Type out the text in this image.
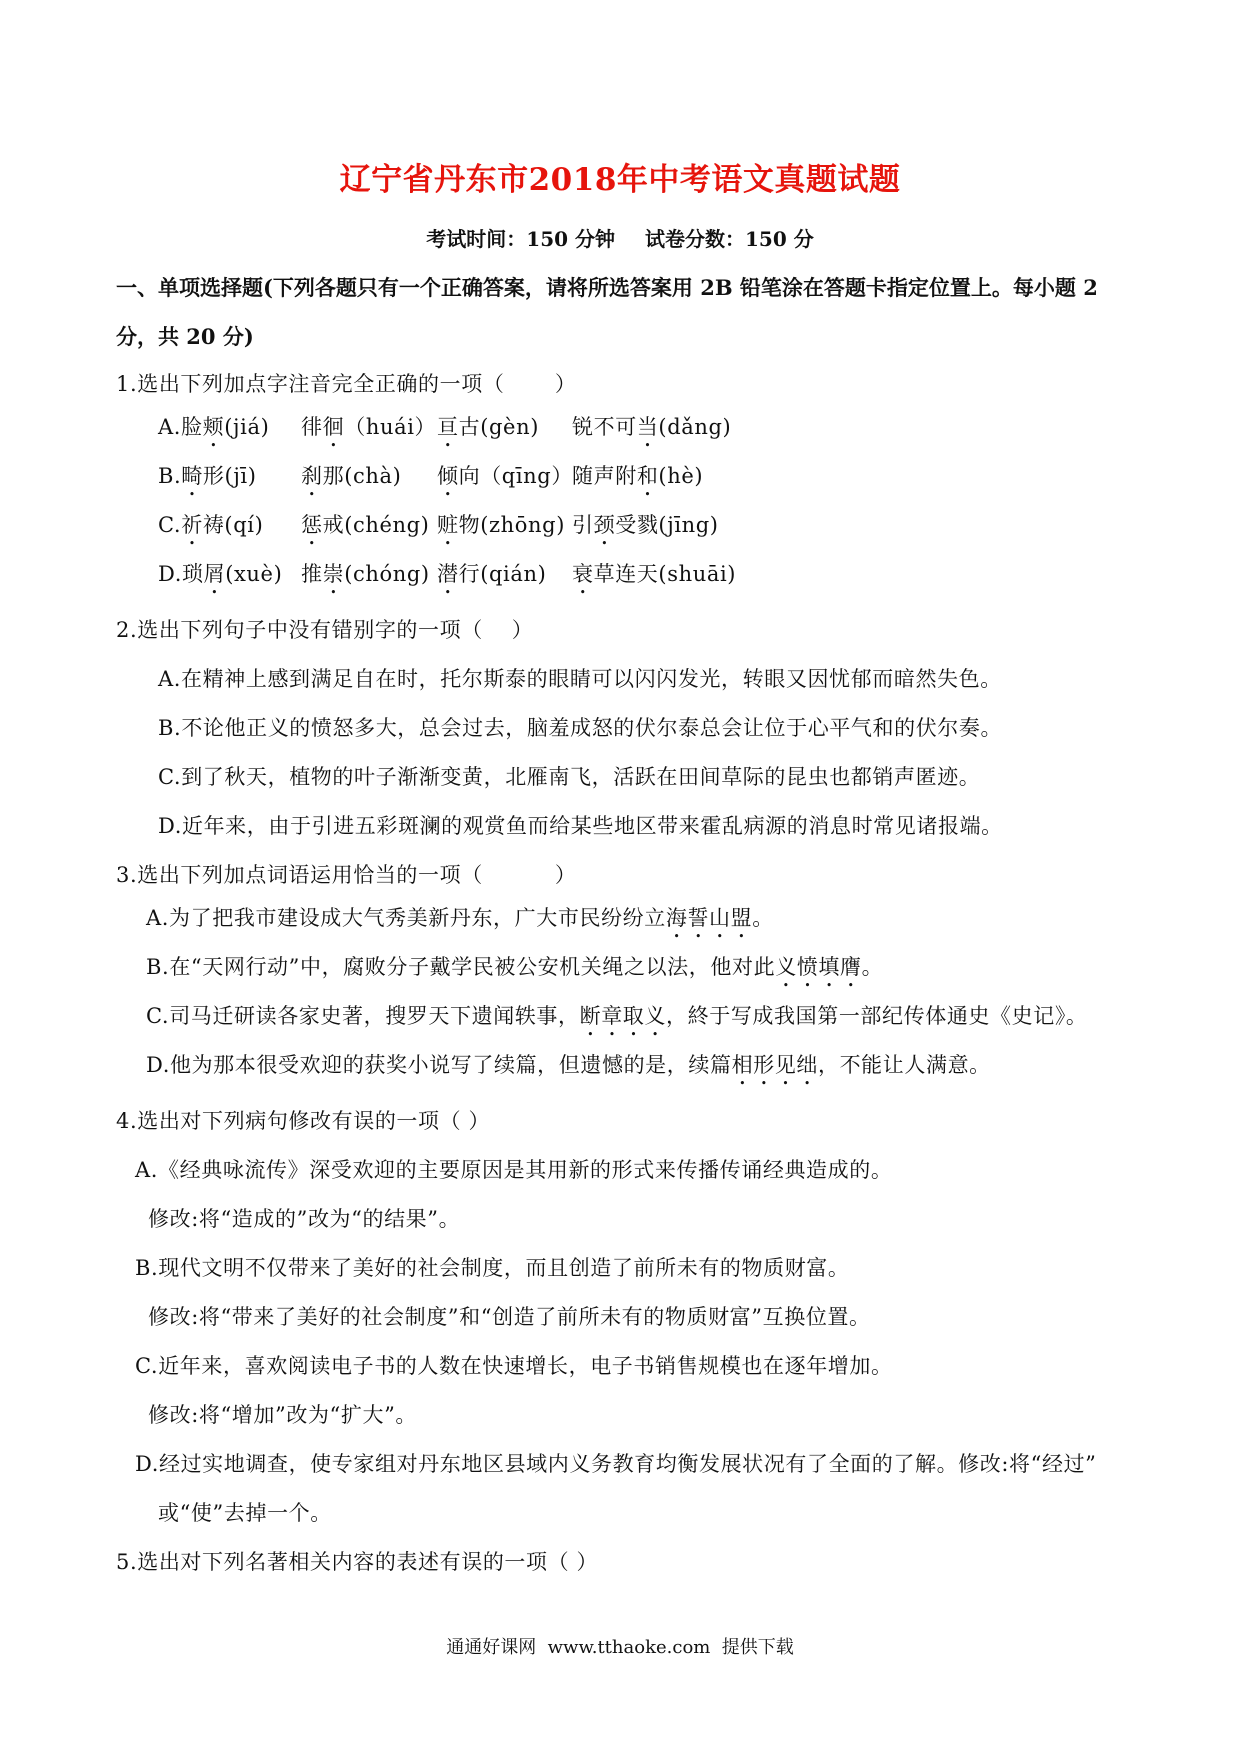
辽宁省丹东市2018年中考语文真题试题
考试时间：150 分钟 试卷分数：150 分
一、单项选择题(下列各题只有一个正确答案，请将所选答案用 2B 铅笔涂在答题卡指定位置上。每小题 2
分，共 20 分)
1.选出下列加点字注音完全正确的一项（　　 ）
A.脸颊(jiá) 徘徊（huái）亘古(gèn) 锐不可当(dǎng)
B.畸形(jī) 刹那(chà) 倾向（qīng）随声附和(hè)
C.祈祷(qí) 惩戒(chéng) 赃物(zhōng) 引颈受戮(jīng)
D.琐屑(xuè) 推崇(chóng) 潜行(qián) 衰草连天(shuāi)
2.选出下列句子中没有错别字的一项（　 ）
A.在精神上感到满足自在时，托尔斯泰的眼睛可以闪闪发光，转眼又因忧郁而暗然失色。
B.不论他正义的愤怒多大，总会过去，脑羞成怒的伏尔泰总会让位于心平气和的伏尔奏。
C.到了秋天，植物的叶子渐渐变黄，北雁南飞，活跃在田间草际的昆虫也都销声匿迹。
D.近年来，由于引进五彩斑澜的观赏鱼而给某些地区带来霍乱病源的消息时常见诸报端。
3.选出下列加点词语运用恰当的一项（　　　 ）
A.为了把我市建设成大气秀美新丹东，广大市民纷纷立海誓山盟。
B.在“天网行动”中，腐败分子戴学民被公安机关绳之以法，他对此义愤填膺。
C.司马迁研读各家史著，搜罗天下遗闻轶事，断章取义，終于写成我国第一部纪传体通史《史记》。
D.他为那本很受欢迎的获奖小说写了续篇，但遗憾的是，续篇相形见绌，不能让人满意。
4.选出对下列病句修改有误的一项（ ）
A.《经典咏流传》深受欢迎的主要原因是其用新的形式来传播传诵经典造成的。
修改:将“造成的”改为“的结果”。
B.现代文明不仅带来了美好的社会制度，而且创造了前所未有的物质财富。
修改:将“带来了美好的社会制度”和“创造了前所未有的物质财富”互换位置。
C.近年来，喜欢阅读电子书的人数在快速增长，电子书销售规模也在逐年增加。
修改:将“增加”改为“扩大”。
D.经过实地调查，使专家组对丹东地区县域内义务教育均衡发展状况有了全面的了解。修改:将“经过”
或“使”去掉一个。
5.选出对下列名著相关内容的表述有误的一项（ ）
通通好课网  www.tthaoke.com  提供下载
